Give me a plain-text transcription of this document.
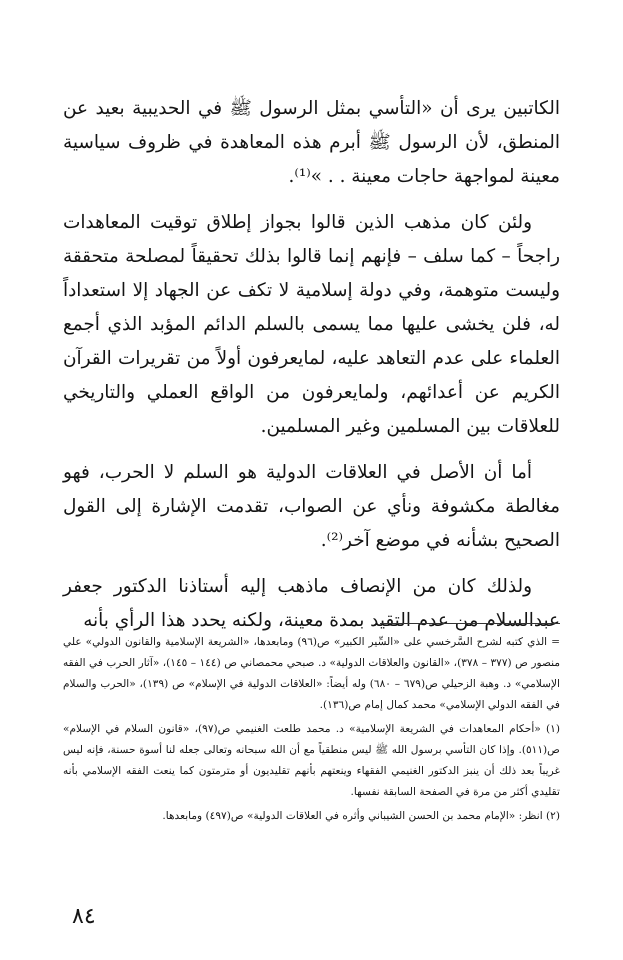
الكاتبين يرى أن «التأسي بمثل الرسول ﷺ في الحديبية بعيد عن المنطق، لأن الرسول ﷺ أبرم هذه المعاهدة في ظروف سياسية معينة لمواجهة حاجات معينة . . »⁽¹⁾.

ولئن كان مذهب الذين قالوا بجواز إطلاق توقيت المعاهدات راجحاً – كما سلف – فإنهم إنما قالوا بذلك تحقيقاً لمصلحة متحققة وليست متوهمة، وفي دولة إسلامية لا تكف عن الجهاد إلا استعداداً له، فلن يخشى عليها مما يسمى بالسلم الدائم المؤبد الذي أجمع العلماء على عدم التعاهد عليه، لمايعرفون أولاً من تقريرات القرآن الكريم عن أعدائهم، ولمايعرفون من الواقع العملي والتاريخي للعلاقات بين المسلمين وغير المسلمين.

أما أن الأصل في العلاقات الدولية هو السلم لا الحرب، فهو مغالطة مكشوفة ونأي عن الصواب، تقدمت الإشارة إلى القول الصحيح بشأنه في موضع آخر⁽²⁾.

ولذلك كان من الإنصاف ماذهب إليه أستاذنا الدكتور جعفر عبدالسلام من عدم التقيد بمدة معينة، ولكنه يحدد هذا الرأي بأنه

= الذي كتبه لشرح السَّرخسي على «السِّير الكبير» ص(٩٦) ومابعدها، «الشريعة الإسلامية والقانون الدولي» علي منصور ص (٣٧٧ – ٣٧٨)، «القانون والعلاقات الدولية» د. صبحي محمصاني ص (١٤٤ – ١٤٥)، «آثار الحرب في الفقه الإسلامي» د. وهبة الزحيلي ص(٦٧٩ – ٦٨٠) وله أيضاً: «العلاقات الدولية في الإسلام» ص (١٣٩)، «الحرب والسلام في الفقه الدولي الإسلامي» محمد كمال إمام ص(١٣٦).

(١) «أحكام المعاهدات في الشريعة الإسلامية» د. محمد طلعت الغنيمي ص(٩٧)، «قانون السلام في الإسلام» ص(٥١١). وإذا كان التأسي برسول الله ﷺ ليس منطقياً مع أن الله سبحانه وتعالى جعله لنا أسوة حسنة، فإنه ليس غريباً بعد ذلك أن ينبز الدكتور الغنيمي الفقهاء وينعتهم بأنهم تقليديون أو مترمتون كما ينعت الفقه الإسلامي بأنه تقليدي أكثر من مرة في الصفحة السابقة نفسها.

(٢) انظر: «الإمام محمد بن الحسن الشيباني وأثره في العلاقات الدولية» ص(٤٩٧) ومابعدها.

٨٤
